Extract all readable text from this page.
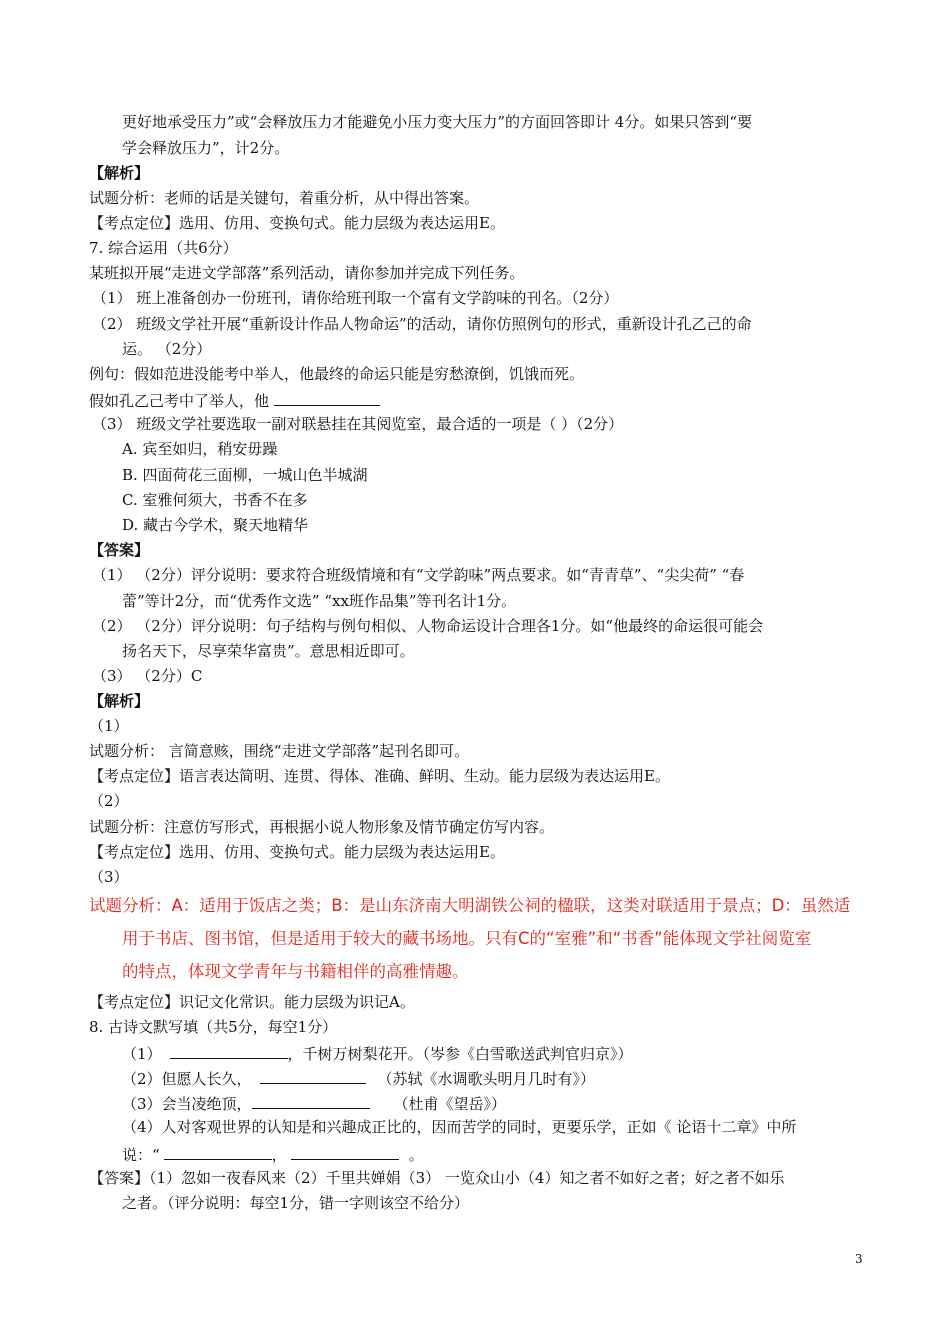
更好地承受压力”或“会释放压力才能避免小压力变大压力”的方面回答即计 4分。如果只答到“要
学会释放压力”，计2分。
【解析】
试题分析：老师的话是关键句，着重分析，从中得出答案。
【考点定位】选用、仿用、变换句式。能力层级为表达运用E。
7. 综合运用（共6分）
某班拟开展“走进文学部落”系列活动，请你参加并完成下列任务。
（1） 班上准备创办一份班刊，请你给班刊取一个富有文学韵味的刊名。（2分）
（2） 班级文学社开展“重新设计作品人物命运”的活动，请你仿照例句的形式，重新设计孔乙己的命
运。 （2分）
例句：假如范进没能考中举人，他最终的命运只能是穷愁潦倒，饥饿而死。
假如孔乙己考中了举人，他
（3） 班级文学社要选取一副对联悬挂在其阅览室，最合适的一项是（ ）（2分）
A. 宾至如归，稍安毋躁
B. 四面荷花三面柳，一城山色半城湖
C. 室雅何须大，书香不在多
D. 藏古今学术，聚天地精华
【答案】
（1） （2分）评分说明：要求符合班级情境和有“文学韵味”两点要求。如“青青草”、“尖尖荷” “春
蕾”等计2分，而“优秀作文选” “xx班作品集”等刊名计1分。
（2） （2分）评分说明：句子结构与例句相似、人物命运设计合理各1分。如“他最终的命运很可能会
扬名天下，尽享荣华富贵”。意思相近即可。
（3） （2分）C
【解析】
（1）
试题分析： 言简意赅，围绕“走进文学部落”起刊名即可。
【考点定位】语言表达简明、连贯、得体、准确、鲜明、生动。能力层级为表达运用E。
（2）
试题分析：注意仿写形式，再根据小说人物形象及情节确定仿写内容。
【考点定位】选用、仿用、变换句式。能力层级为表达运用E。
（3）
试题分析：A：适用于饭店之类；B：是山东济南大明湖铁公祠的楹联，这类对联适用于景点；D：虽然适
用于书店、图书馆，但是适用于较大的藏书场地。只有C的“室雅”和“书香”能体现文学社阅览室
的特点，体现文学青年与书籍相伴的高雅情趣。
【考点定位】识记文化常识。能力层级为识记A。
8. 古诗文默写填（共5分，每空1分）
（1）	，千树万树梨花开。（岑参《白雪歌送武判官归京》）
（2）但愿人长久，	（苏轼《水调歌头明月几时有》）
（3）会当凌绝顶，	（杜甫《望岳》）
（4）人对客观世界的认知是和兴趣成正比的，因而苦学的同时，更要乐学，正如《 论语十二章》中所
说：“	，	。
【答案】（1）忽如一夜春风来（2）千里共婵娟（3） 一览众山小（4）知之者不如好之者；好之者不如乐
之者。（评分说明：每空1分，错一字则该空不给分）
3
